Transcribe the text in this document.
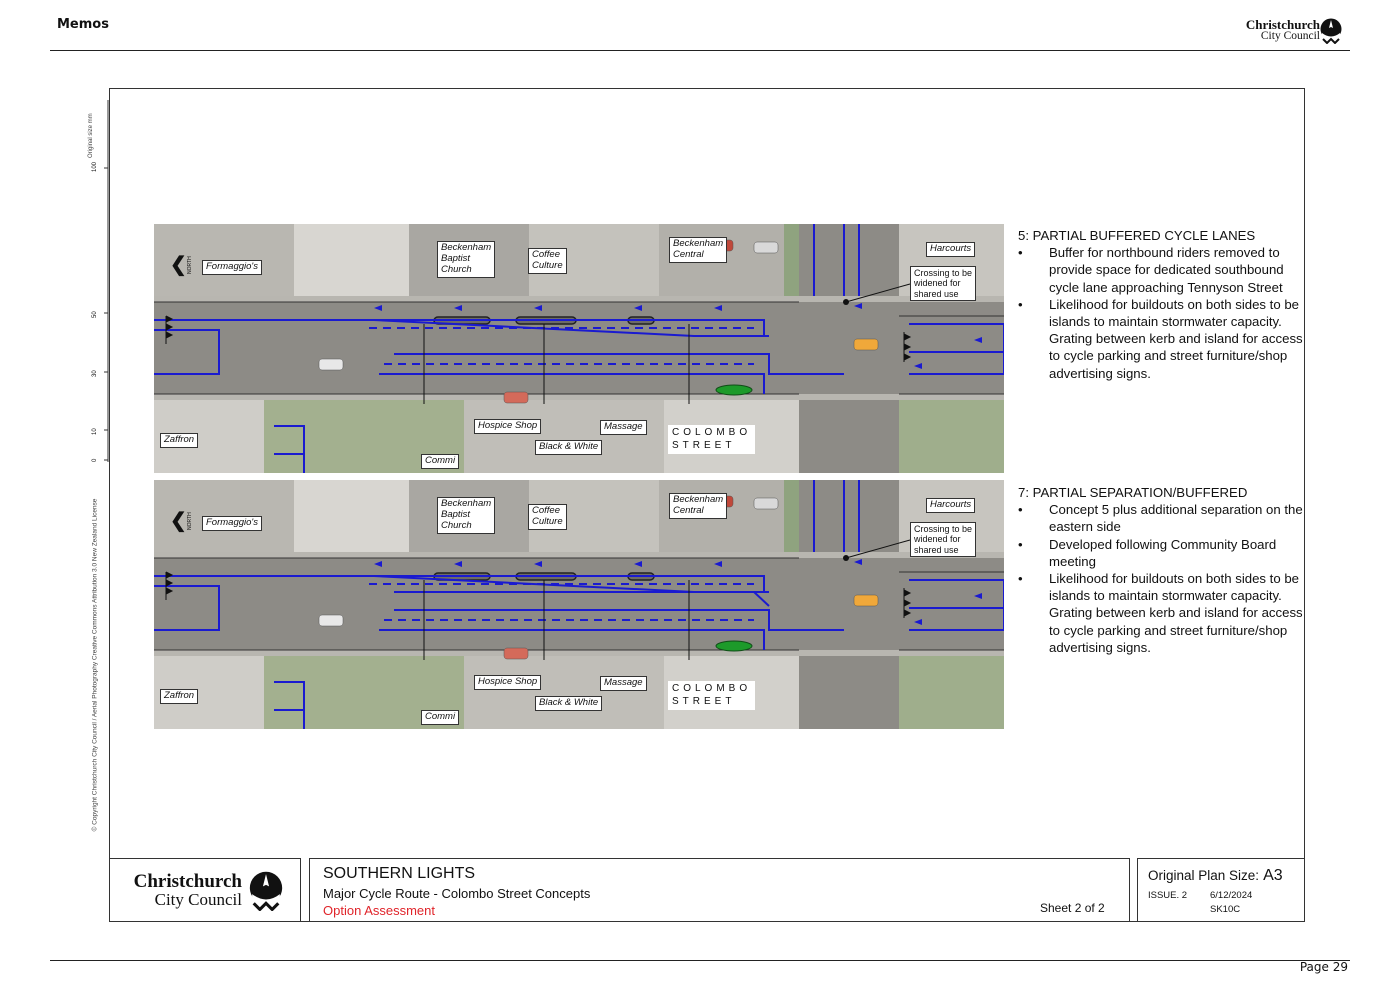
Memos	Christchurch
City Council
Original size mm
100
50
30
10
0
© Copyright Christchurch City Council / Aerial Photography Creative Commons Attribution 3.0 New Zealand License
Formaggio's
Beckenham
Baptist
Church
Coffee
Culture
Beckenham
Central
Harcourts
Crossing to be
widened for
shared use
Zaffron
Hospice Shop	Massage
Black & White
Commi
COLOMBO
STREET
❮ NORTH
Formaggio's
Beckenham
Baptist
Church
Coffee
Culture
Beckenham
Central
Harcourts
Crossing to be
widened for
shared use
Zaffron
Hospice Shop	Massage
Black & White
Commi
COLOMBO
STREET
❮ NORTH
5: PARTIAL BUFFERED CYCLE LANES
• Buffer for northbound riders removed to provide space for dedicated southbound cycle lane approaching Tennyson Street
• Likelihood for buildouts on both sides to be islands to maintain stormwater capacity. Grating between kerb and island for access to cycle parking and street furniture/shop advertising signs.
7: PARTIAL SEPARATION/BUFFERED
• Concept 5 plus additional separation on the eastern side
• Developed following Community Board meeting
• Likelihood for buildouts on both sides to be islands to maintain stormwater capacity. Grating between kerb and island for access to cycle parking and street furniture/shop advertising signs.
Christchurch
City Council
SOUTHERN LIGHTS
Major Cycle Route - Colombo Street Concepts
Option Assessment	Sheet 2 of 2
Original Plan Size: A3
ISSUE. 2 6/12/2024
SK10C
Page 29
